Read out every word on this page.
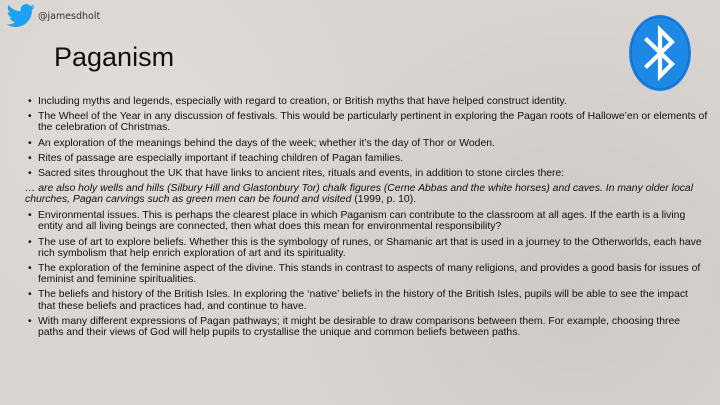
@jamesdholt
Paganism
• Including myths and legends, especially with regard to creation, or British myths that have helped construct identity.
• The Wheel of the Year in any discussion of festivals. This would be particularly pertinent in exploring the Pagan roots of Hallowe’en or elements of the celebration of Christmas.
• An exploration of the meanings behind the days of the week; whether it’s the day of Thor or Woden.
• Rites of passage are especially important if teaching children of Pagan families.
• Sacred sites throughout the UK that have links to ancient rites, rituals and events, in addition to stone circles there:
… are also holy wells and hills (Silbury Hill and Glastonbury Tor) chalk figures (Cerne Abbas and the white horses) and caves. In many older local churches, Pagan carvings such as green men can be found and visited (1999, p. 10).
• Environmental issues. This is perhaps the clearest place in which Paganism can contribute to the classroom at all ages. If the earth is a living entity and all living beings are connected, then what does this mean for environmental responsibility?
• The use of art to explore beliefs. Whether this is the symbology of runes, or Shamanic art that is used in a journey to the Otherworlds, each have rich symbolism that help enrich exploration of art and its spirituality.
• The exploration of the feminine aspect of the divine. This stands in contrast to aspects of many religions, and provides a good basis for issues of feminist and feminine spiritualities.
• The beliefs and history of the British Isles. In exploring the ‘native’ beliefs in the history of the British Isles, pupils will be able to see the impact that these beliefs and practices had, and continue to have.
• With many different expressions of Pagan pathways; it might be desirable to draw comparisons between them. For example, choosing three paths and their views of God will help pupils to crystallise the unique and common beliefs between paths.
